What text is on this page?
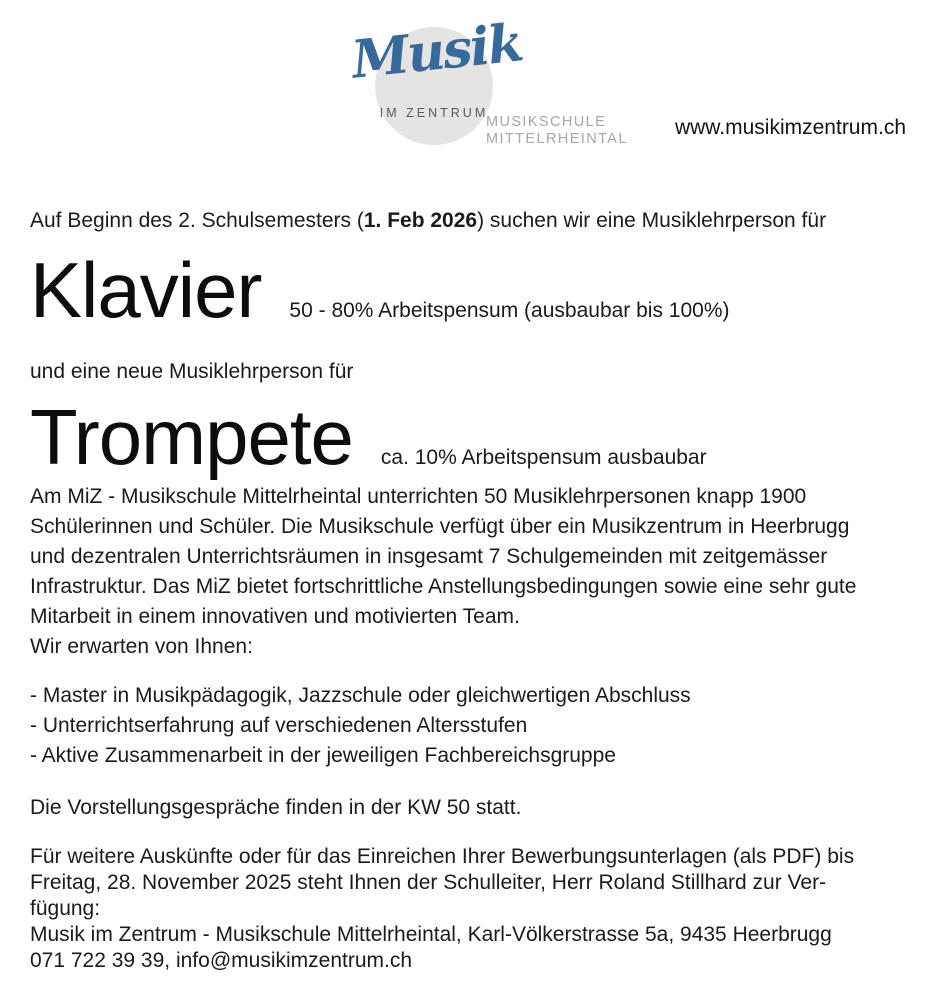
Musik
IM ZENTRUM
MUSIKSCHULE
MITTELRHEINTAL www.musikimzentrum.ch
Auf Beginn des 2. Schulsemesters (1. Feb 2026) suchen wir eine Musiklehrperson für
Klavier 50 - 80% Arbeitspensum (ausbaubar bis 100%)
und eine neue Musiklehrperson für
Trompete ca. 10% Arbeitspensum ausbaubar
Am MiZ - Musikschule Mittelrheintal unterrichten 50 Musiklehrpersonen knapp 1900
Schülerinnen und Schüler. Die Musikschule verfügt über ein Musikzentrum in Heerbrugg
und dezentralen Unterrichtsräumen in insgesamt 7 Schulgemeinden mit zeitgemässer
Infrastruktur. Das MiZ bietet fortschrittliche Anstellungsbedingungen sowie eine sehr gute
Mitarbeit in einem innovativen und motivierten Team.
Wir erwarten von Ihnen:
- Master in Musikpädagogik, Jazzschule oder gleichwertigen Abschluss
- Unterrichtserfahrung auf verschiedenen Altersstufen
- Aktive Zusammenarbeit in der jeweiligen Fachbereichsgruppe
Die Vorstellungsgespräche finden in der KW 50 statt.
Für weitere Auskünfte oder für das Einreichen Ihrer Bewerbungsunterlagen (als PDF) bis
Freitag, 28. November 2025 steht Ihnen der Schulleiter, Herr Roland Stillhard zur Ver-
fügung:
Musik im Zentrum - Musikschule Mittelrheintal, Karl-Völkerstrasse 5a, 9435 Heerbrugg
071 722 39 39, info@musikimzentrum.ch
